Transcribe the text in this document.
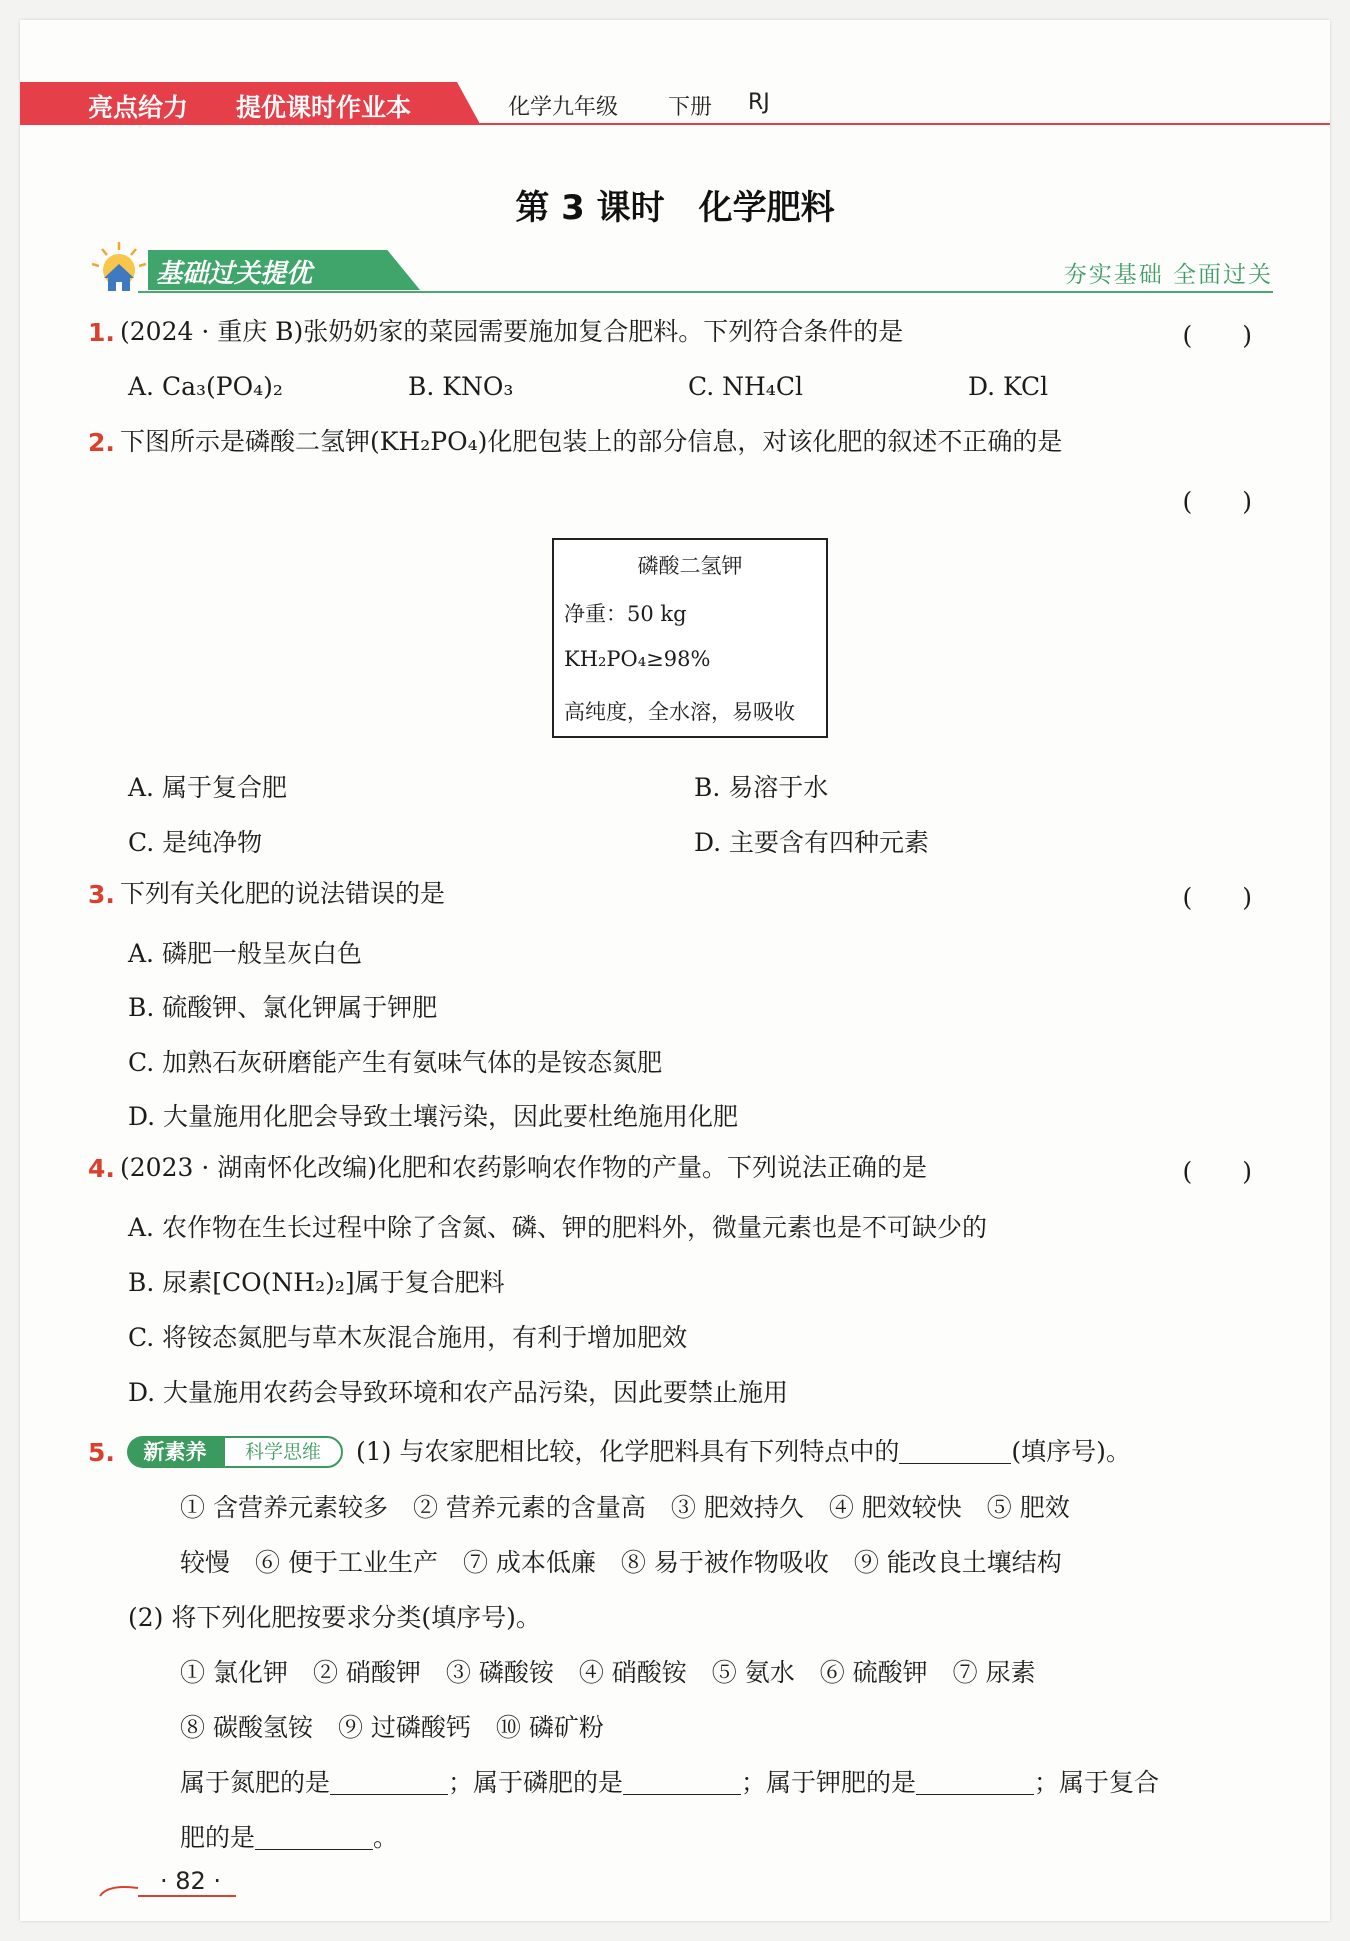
亮点给力 提优课时作业本	化学九年级 下册 RJ
第 3 课时　化学肥料
基础过关提优	夯实基础 全面过关
1. (2024 · 重庆 B)张奶奶家的菜园需要施加复合肥料。下列符合条件的是	(　　)
A. Ca₃(PO₄)₂	B. KNO₃	C. NH₄Cl	D. KCl
2. 下图所示是磷酸二氢钾(KH₂PO₄)化肥包装上的部分信息，对该化肥的叙述不正确的是
(　　)
磷酸二氢钾
净重：50 kg
KH₂PO₄≥98%
高纯度，全水溶，易吸收
A. 属于复合肥	B. 易溶于水
C. 是纯净物	D. 主要含有四种元素
3. 下列有关化肥的说法错误的是	(　　)
A. 磷肥一般呈灰白色
B. 硫酸钾、氯化钾属于钾肥
C. 加熟石灰研磨能产生有氨味气体的是铵态氮肥
D. 大量施用化肥会导致土壤污染，因此要杜绝施用化肥
4. (2023 · 湖南怀化改编)化肥和农药影响农作物的产量。下列说法正确的是	(　　)
A. 农作物在生长过程中除了含氮、磷、钾的肥料外，微量元素也是不可缺少的
B. 尿素[CO(NH₂)₂]属于复合肥料
C. 将铵态氮肥与草木灰混合施用，有利于增加肥效
D. 大量施用农药会导致环境和农产品污染，因此要禁止施用
5.	新素养	科学思维	(1) 与农家肥相比较，化学肥料具有下列特点中的	(填序号)。
① 含营养元素较多　② 营养元素的含量高　③ 肥效持久　④ 肥效较快　⑤ 肥效
较慢　⑥ 便于工业生产　⑦ 成本低廉　⑧ 易于被作物吸收　⑨ 能改良土壤结构
(2) 将下列化肥按要求分类(填序号)。
① 氯化钾　② 硝酸钾　③ 磷酸铵　④ 硝酸铵　⑤ 氨水　⑥ 硫酸钾　⑦ 尿素
⑧ 碳酸氢铵　⑨ 过磷酸钙　⑩ 磷矿粉
属于氮肥的是	；属于磷肥的是	；属于钾肥的是	；属于复合
肥的是	。
· 82 ·
